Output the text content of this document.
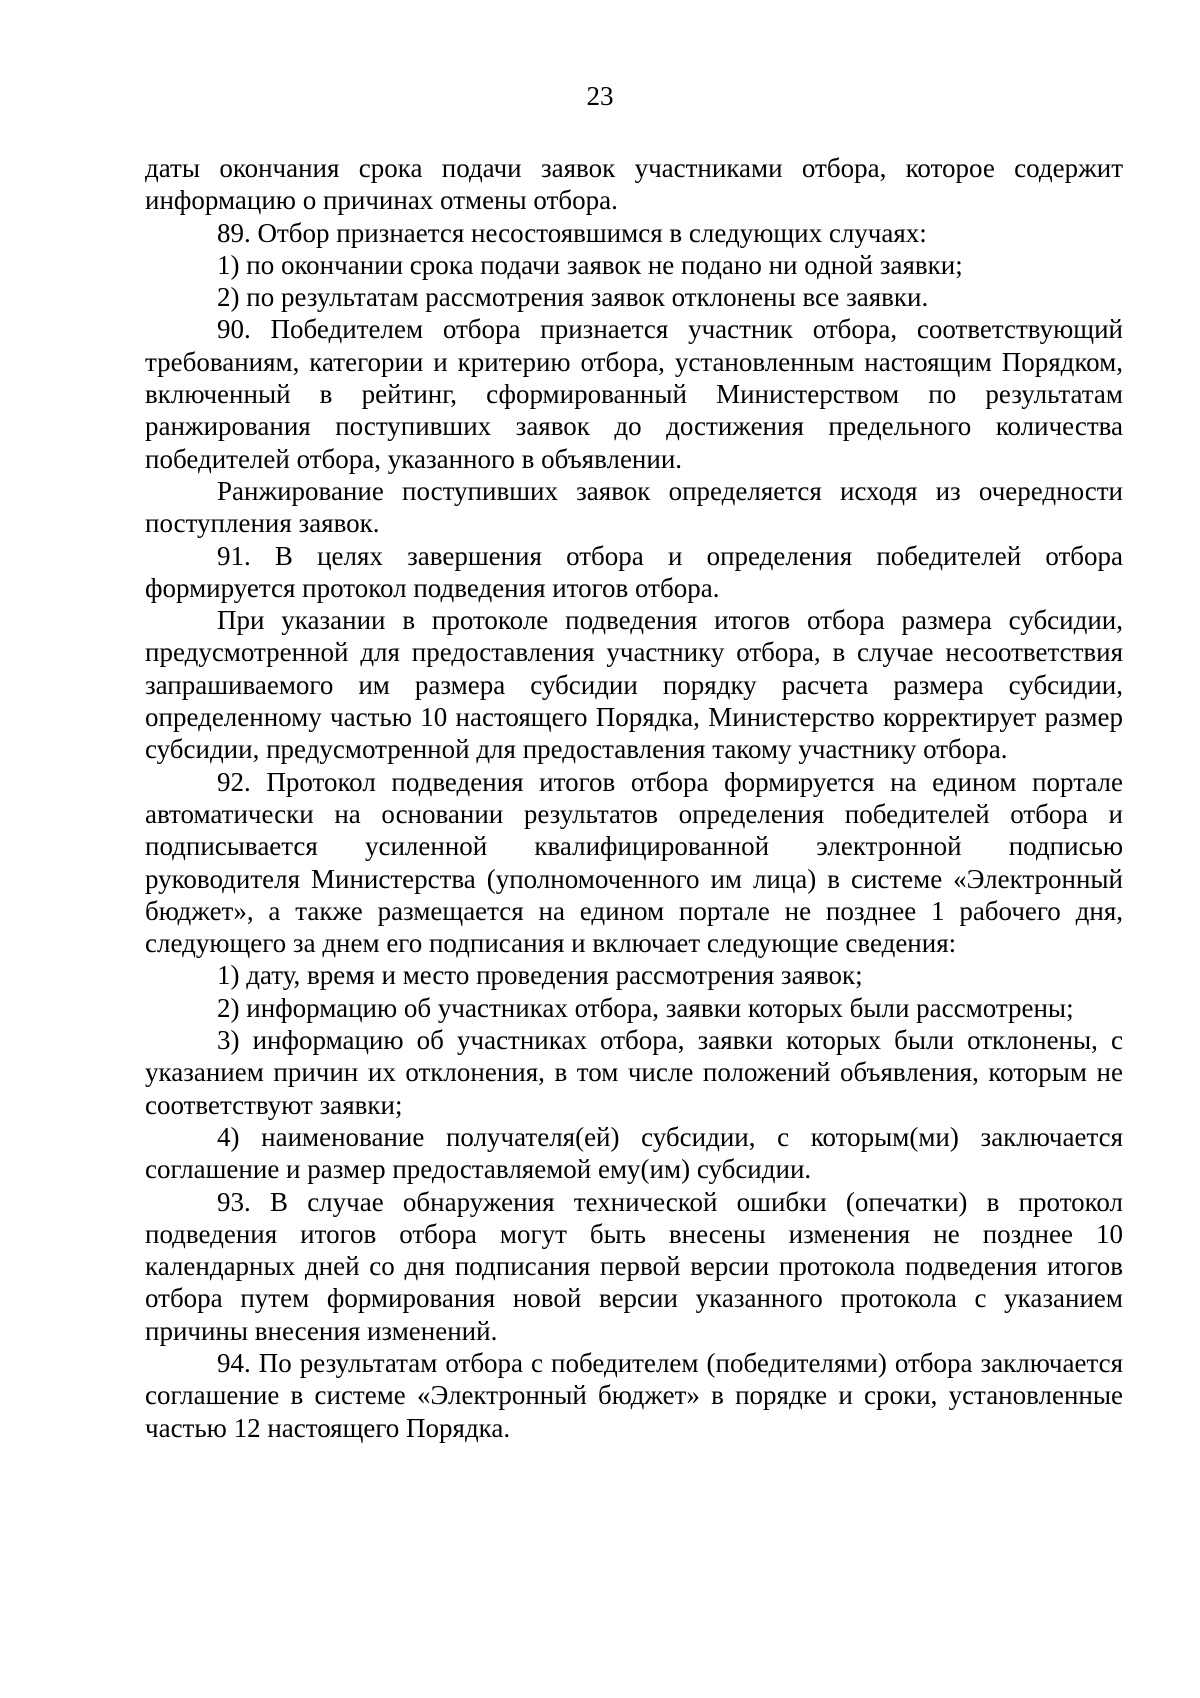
23

даты окончания срока подачи заявок участниками отбора, которое содержит информацию о причинах отмены отбора.

89. Отбор признается несостоявшимся в следующих случаях:

1) по окончании срока подачи заявок не подано ни одной заявки;

2) по результатам рассмотрения заявок отклонены все заявки.

90. Победителем отбора признается участник отбора, соответствующий требованиям, категории и критерию отбора, установленным настоящим Порядком, включенный в рейтинг, сформированный Министерством по результатам ранжирования поступивших заявок до достижения предельного количества победителей отбора, указанного в объявлении.

Ранжирование поступивших заявок определяется исходя из очередности поступления заявок.

91. В целях завершения отбора и определения победителей отбора формируется протокол подведения итогов отбора.

При указании в протоколе подведения итогов отбора размера субсидии, предусмотренной для предоставления участнику отбора, в случае несоответствия запрашиваемого им размера субсидии порядку расчета размера субсидии, определенному частью 10 настоящего Порядка, Министерство корректирует размер субсидии, предусмотренной для предоставления такому участнику отбора.

92. Протокол подведения итогов отбора формируется на едином портале автоматически на основании результатов определения победителей отбора и подписывается усиленной квалифицированной электронной подписью руководителя Министерства (уполномоченного им лица) в системе «Электронный бюджет», а также размещается на едином портале не позднее 1 рабочего дня, следующего за днем его подписания и включает следующие сведения:

1) дату, время и место проведения рассмотрения заявок;

2) информацию об участниках отбора, заявки которых были рассмотрены;

3) информацию об участниках отбора, заявки которых были отклонены, с указанием причин их отклонения, в том числе положений объявления, которым не соответствуют заявки;

4) наименование получателя(ей) субсидии, с которым(ми) заключается соглашение и размер предоставляемой ему(им) субсидии.

93. В случае обнаружения технической ошибки (опечатки) в протокол подведения итогов отбора могут быть внесены изменения не позднее 10 календарных дней со дня подписания первой версии протокола подведения итогов отбора путем формирования новой версии указанного протокола с указанием причины внесения изменений.

94. По результатам отбора с победителем (победителями) отбора заключается соглашение в системе «Электронный бюджет» в порядке и сроки, установленные частью 12 настоящего Порядка.
